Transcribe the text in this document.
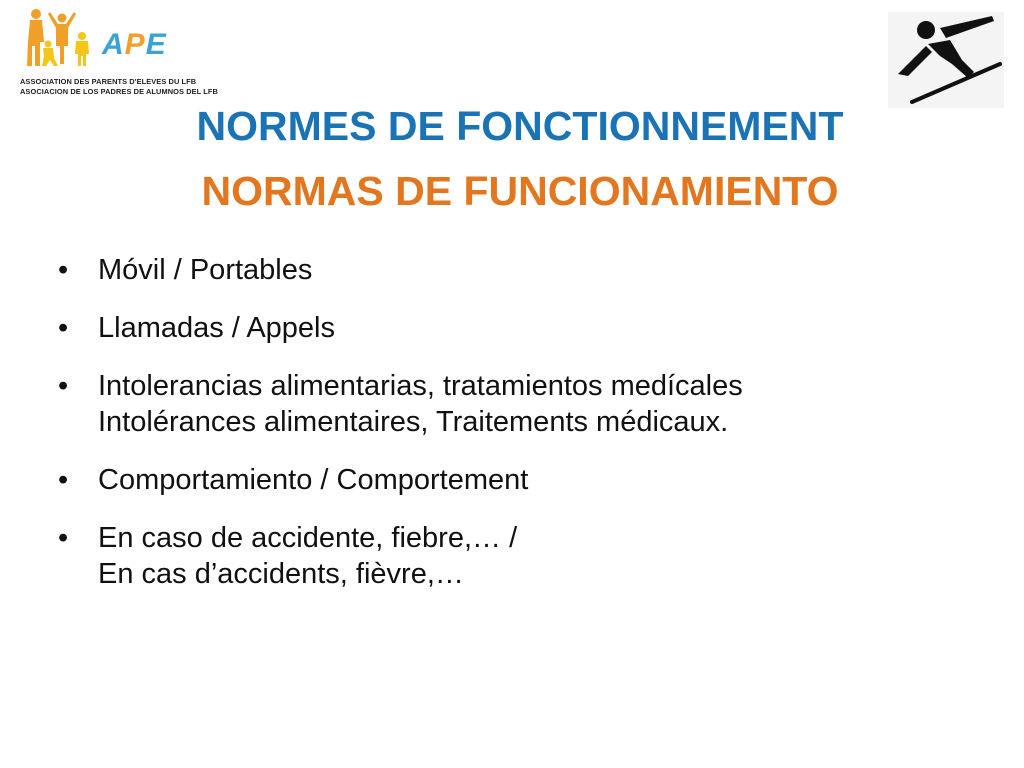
APE
ASSOCIATION DES PARENTS D'ELEVES DU LFB
ASOCIACION DE LOS PADRES DE ALUMNOS DEL LFB
NORMES DE FONCTIONNEMENT
NORMAS DE FUNCIONAMIENTO
• Móvil / Portables
• Llamadas / Appels
• Intolerancias alimentarias, tratamientos medícales
Intolérances alimentaires, Traitements médicaux.
• Comportamiento / Comportement
• En caso de accidente, fiebre,… /
En cas d’accidents, fièvre,…
